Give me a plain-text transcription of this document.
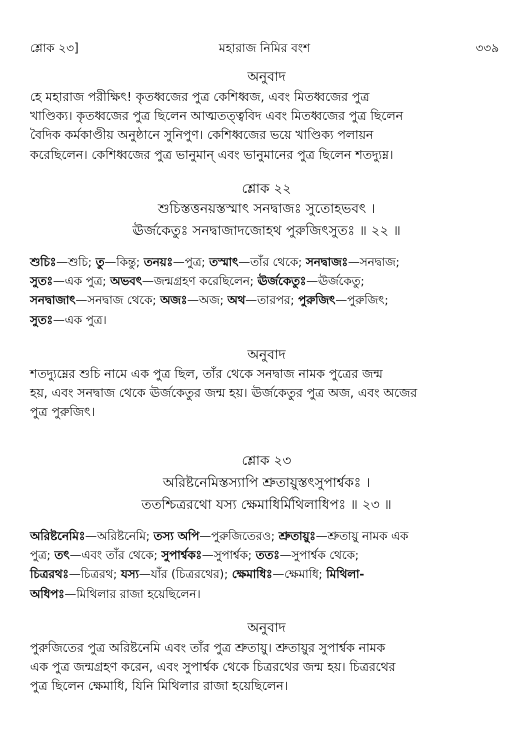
শ্লোক ২৩]	মহারাজ নিমির বংশ	৩৩৯
অনুবাদ
হে মহারাজ পরীক্ষিৎ! কৃতধ্বজের পুত্র কেশিধ্বজ, এবং মিতধ্বজের পুত্র
খাণ্ডিক্য। কৃতধ্বজের পুত্র ছিলেন আত্মতত্ত্ববিদ এবং মিতধ্বজের পুত্র ছিলেন
বৈদিক কর্মকাণ্ডীয় অনুষ্ঠানে সুনিপুণ। কেশিধ্বজের ভয়ে খাণ্ডিক্য পলায়ন
করেছিলেন। কেশিধ্বজের পুত্র ভানুমান্ এবং ভানুমানের পুত্র ছিলেন শতদ্যুম্ন।
শ্লোক ২২
শুচিস্তত্তনয়স্তস্মাৎ সনদ্বাজঃ সুতোহভবৎ ।
ঊর্জকেতুঃ সনদ্বাজাদজোহথ পুরুজিৎসুতঃ ॥ ২২ ॥
শুচিঃ—শুচি; তু—কিন্তু; তনয়ঃ—পুত্র; তস্মাৎ—তাঁর থেকে; সনদ্বাজঃ—সনদ্বাজ;
সুতঃ—এক পুত্র; অভবৎ—জন্মগ্রহণ করেছিলেন; ঊর্জকেতুঃ—ঊর্জকেতু;
সনদ্বাজাৎ—সনদ্বাজ থেকে; অজঃ—অজ; অথ—তারপর; পুরুজিৎ—পুরুজিৎ;
সুতঃ—এক পুত্র।
অনুবাদ
শতদ্যুম্নের শুচি নামে এক পুত্র ছিল, তাঁর থেকে সনদ্বাজ নামক পুত্রের জন্ম
হয়, এবং সনদ্বাজ থেকে ঊর্জকেতুর জন্ম হয়। ঊর্জকেতুর পুত্র অজ, এবং অজের
পুত্র পুরুজিৎ।
শ্লোক ২৩
অরিষ্টনেমিস্তস্যাপি শ্রুতায়ুস্তৎসুপার্শ্বকঃ ।
ততশ্চিত্ররথো যস্য ক্ষেমাধির্মিথিলাধিপঃ ॥ ২৩ ॥
অরিষ্টনেমিঃ—অরিষ্টনেমি; তস্য অপি—পুরুজিতেরও; শ্রুতায়ুঃ—শ্রুতায়ু নামক এক
পুত্র; তৎ—এবং তাঁর থেকে; সুপার্শ্বকঃ—সুপার্শ্বক; ততঃ—সুপার্শ্বক থেকে;
চিত্ররথঃ—চিত্ররথ; যস্য—যাঁর (চিত্ররথের); ক্ষেমাধিঃ—ক্ষেমাধি; মিথিলা-
অধিপঃ—মিথিলার রাজা হয়েছিলেন।
অনুবাদ
পুরুজিতের পুত্র অরিষ্টনেমি এবং তাঁর পুত্র শ্রুতায়ু। শ্রুতায়ুর সুপার্শ্বক নামক
এক পুত্র জন্মগ্রহণ করেন, এবং সুপার্শ্বক থেকে চিত্ররথের জন্ম হয়। চিত্ররথের
পুত্র ছিলেন ক্ষেমাধি, যিনি মিথিলার রাজা হয়েছিলেন।
